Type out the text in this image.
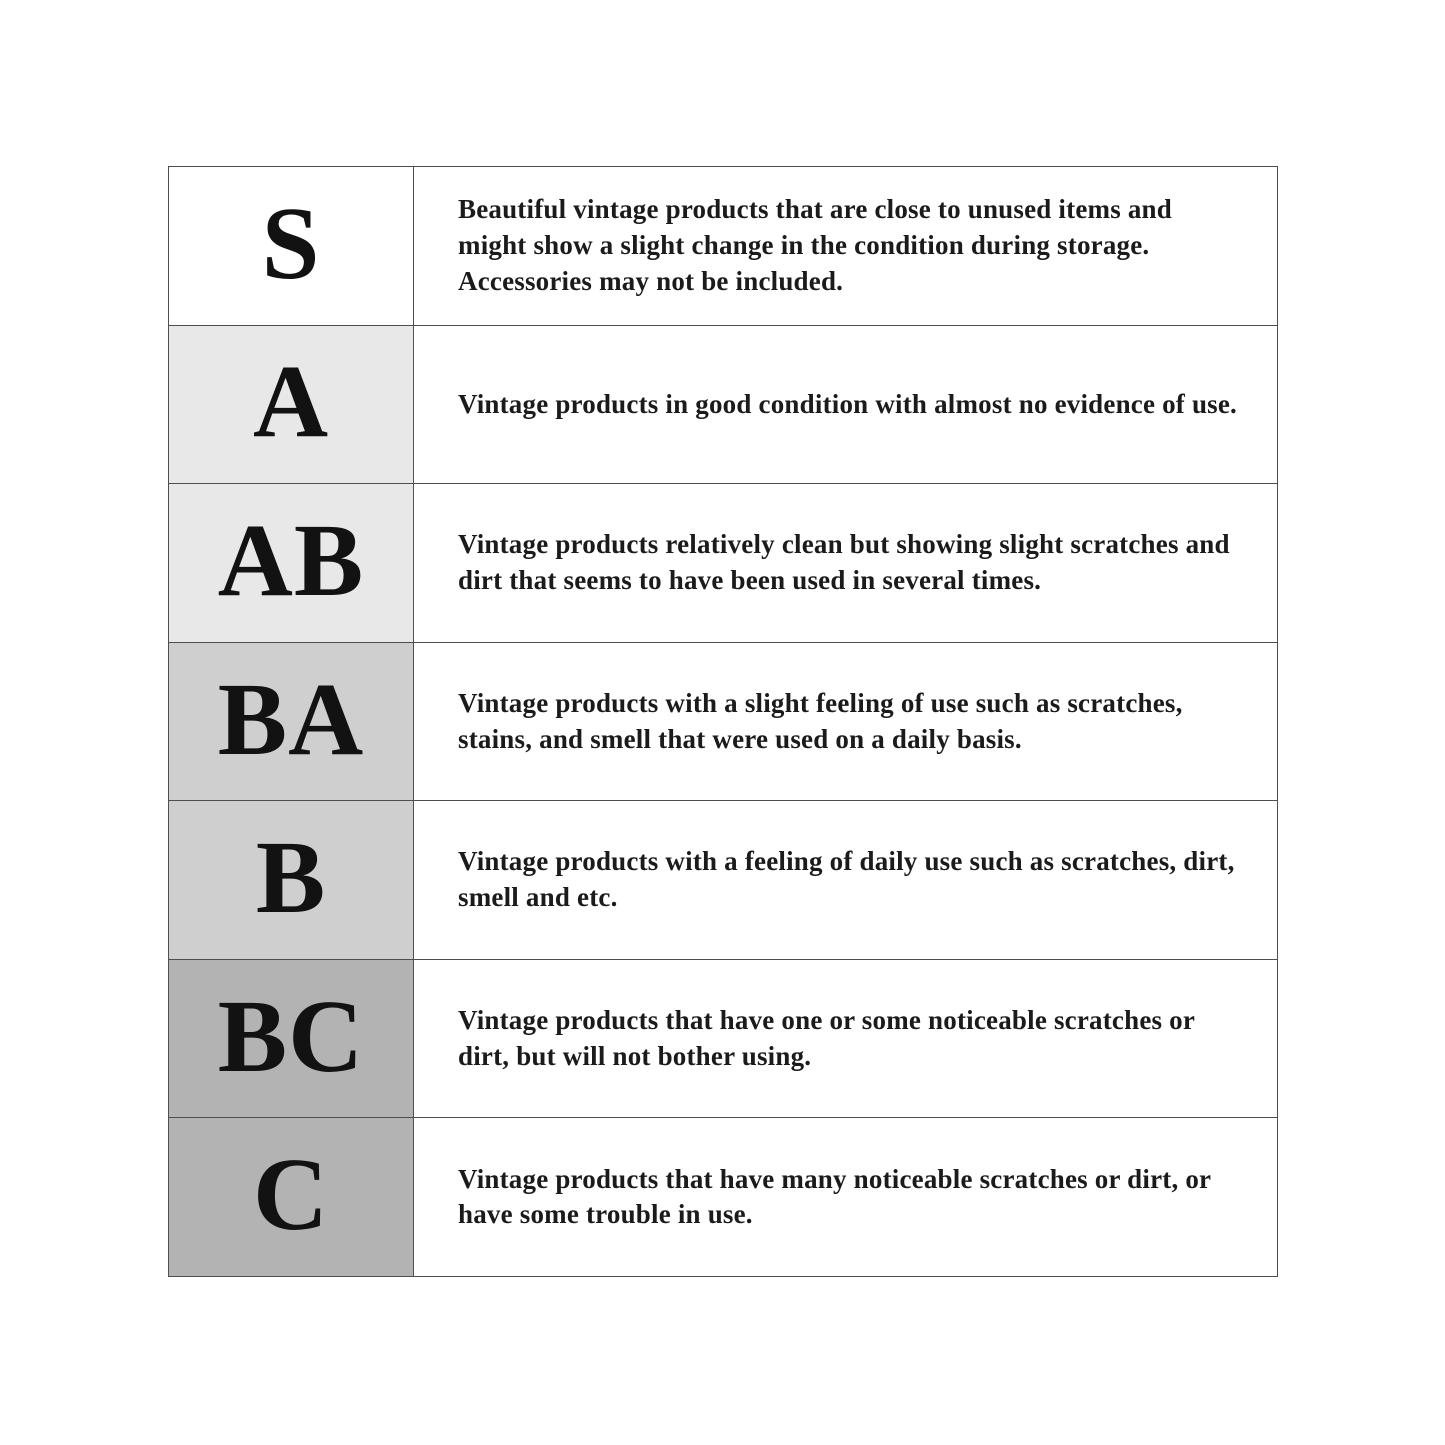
S	Beautiful vintage products that are close to unused items and might show a slight change in the condition during storage. Accessories may not be included.

A	Vintage products in good condition with almost no evidence of use.

AB	Vintage products relatively clean but showing slight scratches and dirt that seems to have been used in several times.

BA	Vintage products with a slight feeling of use such as scratches, stains, and smell that were used on a daily basis.

B	Vintage products with a feeling of daily use such as scratches, dirt, smell and etc.

BC	Vintage products that have one or some noticeable scratches or dirt, but will not bother using.

C	Vintage products that have many noticeable scratches or dirt, or have some trouble in use.
